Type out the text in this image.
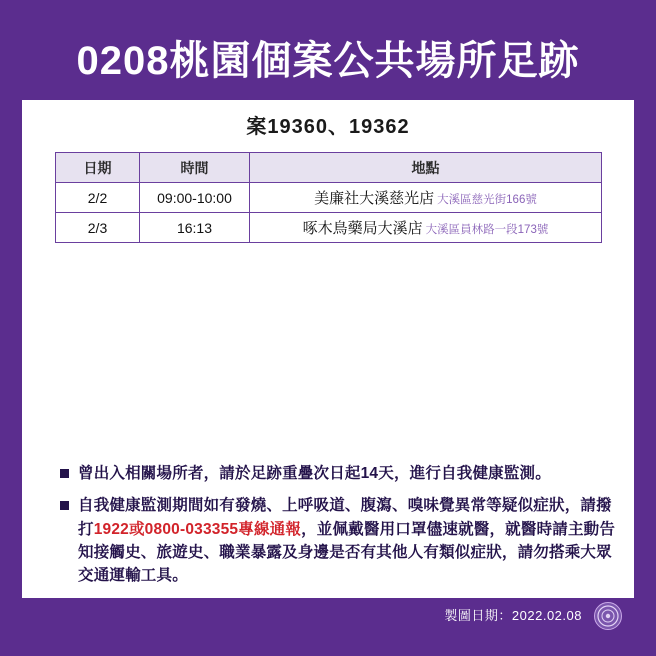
0208桃園個案公共場所足跡
案19360、19362
日期	時間	地點
2/2	09:00-10:00	美廉社大溪慈光店 大溪區慈光街166號
2/3	16:13	啄木鳥藥局大溪店 大溪區員林路一段173號
曾出入相關場所者，請於足跡重疊次日起14天，進行自我健康監測。
自我健康監測期間如有發燒、上呼吸道、腹瀉、嗅味覺異常等疑似症狀，請撥打1922或0800-033355專線通報，並佩戴醫用口罩儘速就醫，就醫時請主動告知接觸史、旅遊史、職業暴露及身邊是否有其他人有類似症狀，請勿搭乘大眾交通運輸工具。
製圖日期：2022.02.08
